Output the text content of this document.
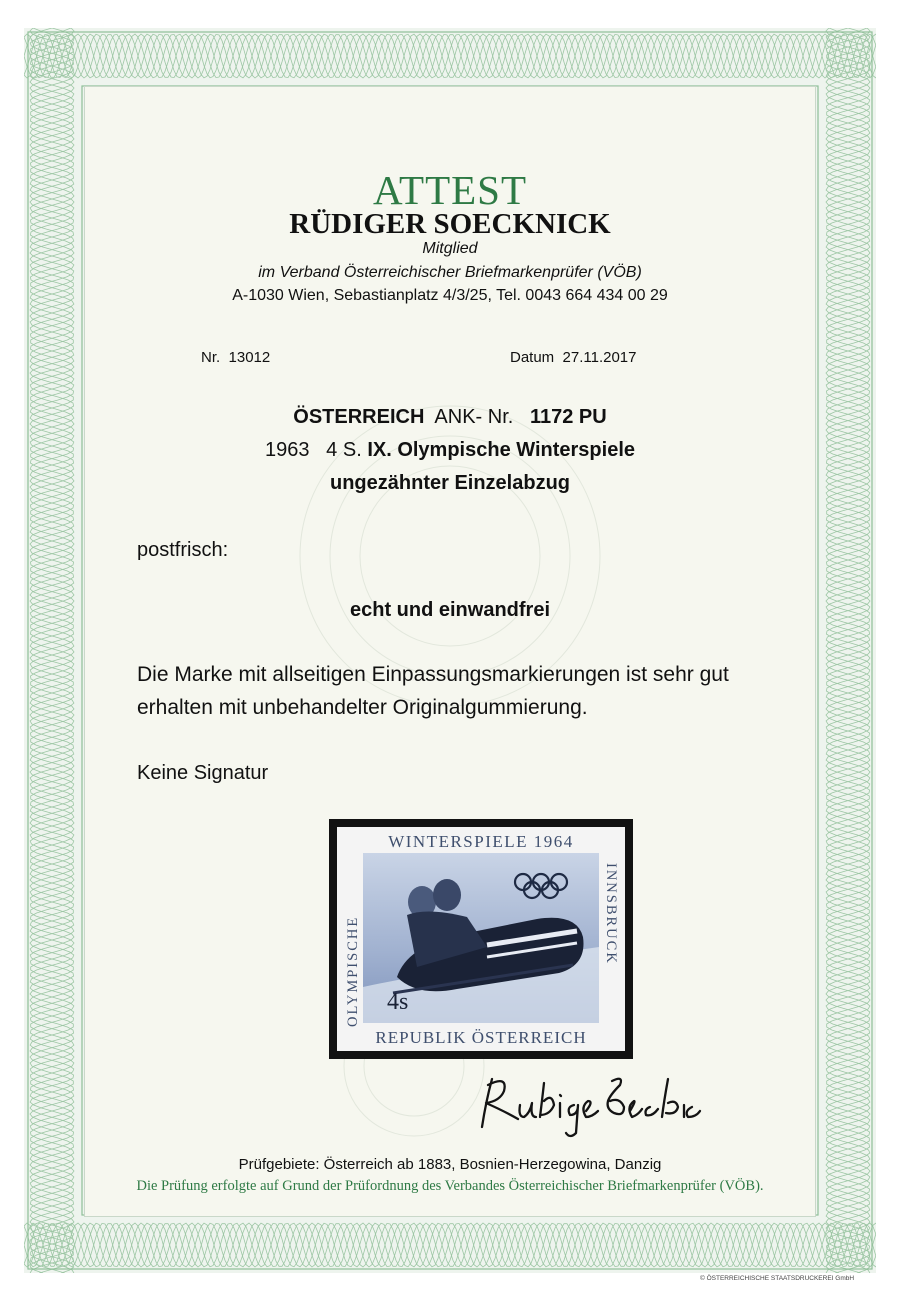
ATTEST
RÜDIGER SOECKNICK
Mitglied
im Verband Österreichischer Briefmarkenprüfer (VÖB)
A-1030 Wien, Sebastianplatz 4/3/25, Tel. 0043 664 434 00 29
Nr. 13012	Datum 27.11.2017
ÖSTERREICH ANK- Nr. 1172 PU
1963 4 S. IX. Olympische Winterspiele
ungezähnter Einzelabzug
postfrisch:
echt und einwandfrei
Die Marke mit allseitigen Einpassungsmarkierungen ist sehr gut
erhalten mit unbehandelter Originalgummierung.
Keine Signatur
WINTERSPIELE 1964
OLYMPISCHE
INNSBRUCK
4s
REPUBLIK ÖSTERREICH
Prüfgebiete: Österreich ab 1883, Bosnien-Herzegowina, Danzig
Die Prüfung erfolgte auf Grund der Prüfordnung des Verbandes Österreichischer Briefmarkenprüfer (VÖB).
© ÖSTERREICHISCHE STAATSDRUCKEREI GmbH
